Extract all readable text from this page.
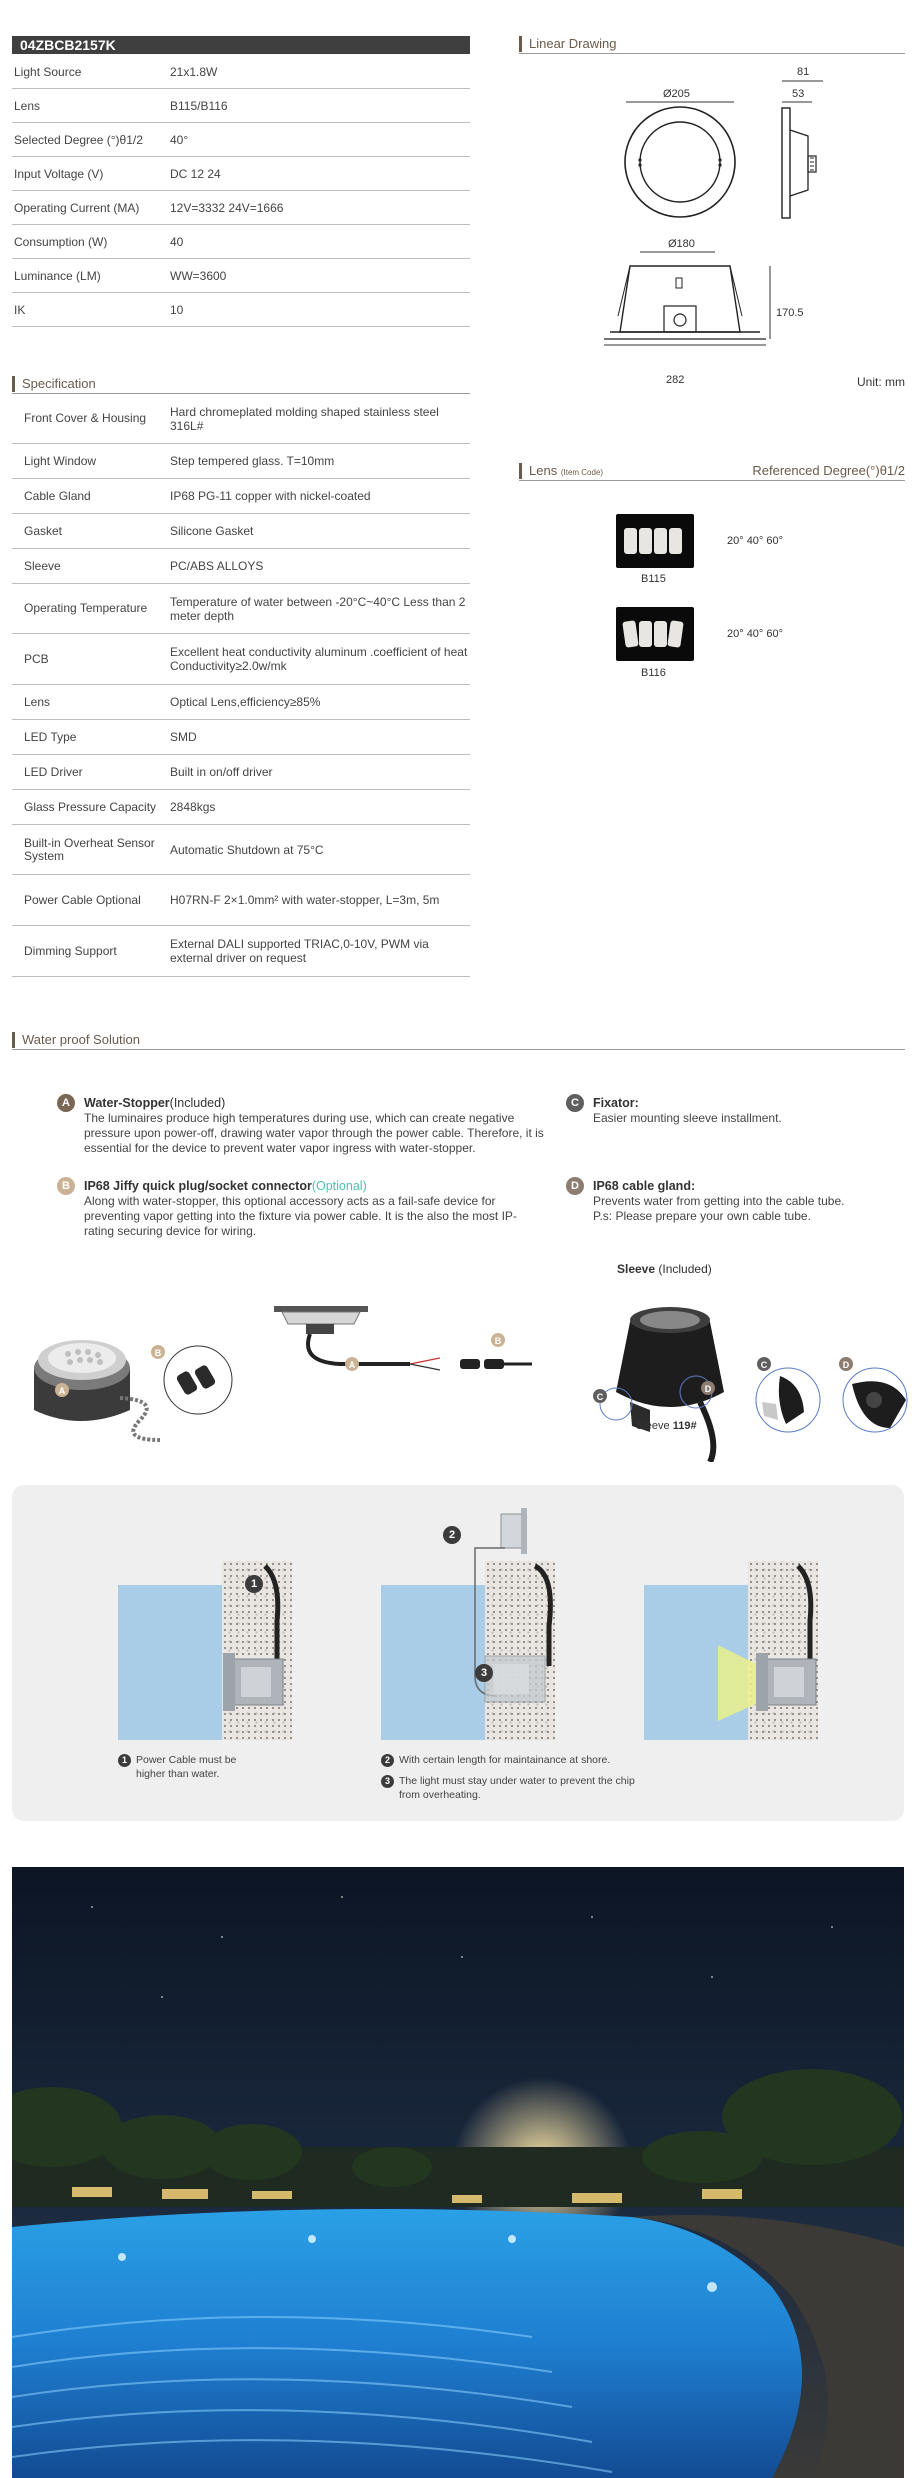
04ZBCB2157K
Light Source	21x1.8W
Lens	B115/B116
Selected Degree (°)θ1/2 40°
Input Voltage (V)	DC 12 24
Operating Current (MA)	12V=3332 24V=1666
Consumption (W)	40
Luminance (LM)	WW=3600
IK	10
Linear Drawing
Ø205
81
53
Ø180
170.5
282	Unit: mm
Specification
Front Cover & Housing	Hard chromeplated molding shaped stainless steel 316L#
Light Window	Step tempered glass. T=10mm
Cable Gland	IP68 PG-11 copper with nickel-coated
Gasket	Silicone Gasket
Sleeve	PC/ABS ALLOYS
Operating Temperature	Temperature of water between -20°C~40°C Less than 2 meter depth
PCB	Excellent heat conductivity aluminum .coefficient of heat Conductivity≥2.0w/mk
Lens	Optical Lens,efficiency≥85%
LED Type	SMD
LED Driver	Built in on/off driver
Glass Pressure Capacity	2848kgs
Built-in Overheat Sensor System	Automatic Shutdown at 75°C
Power Cable Optional	H07RN-F 2×1.0mm² with water-stopper, L=3m, 5m
Dimming Support	External DALI supported TRIAC,0-10V, PWM via external driver on request
Lens (Item Code)	Referenced Degree(°)θ1/2
B115
20° 40° 60°
B116
20° 40° 60°
Water proof Solution
A	Water-Stopper(Included)
The luminaires produce high temperatures during use, which can create negative pressure upon power-off, drawing water vapor through the power cable. Therefore, it is essential for the device to prevent water vapor ingress with water-stopper.
B	IP68 Jiffy quick plug/socket connector(Optional)
Along with water-stopper, this optional accessory acts as a fail-safe device for preventing vapor getting into the fixture via power cable. It is the also the most IP-rating securing device for wiring.
C	Fixator:
Easier mounting sleeve installment.
D	IP68 cable gland:
Prevents water from getting into the cable tube.
P.s: Please prepare your own cable tube.
Sleeve (Included)
A
B
A
B
C
D
C	D
Sleeve 119#
1
2
3
1 Power Cable must be higher than water.
2 With certain length for maintainance at shore.
3 The light must stay under water to prevent the chip from overheating.
